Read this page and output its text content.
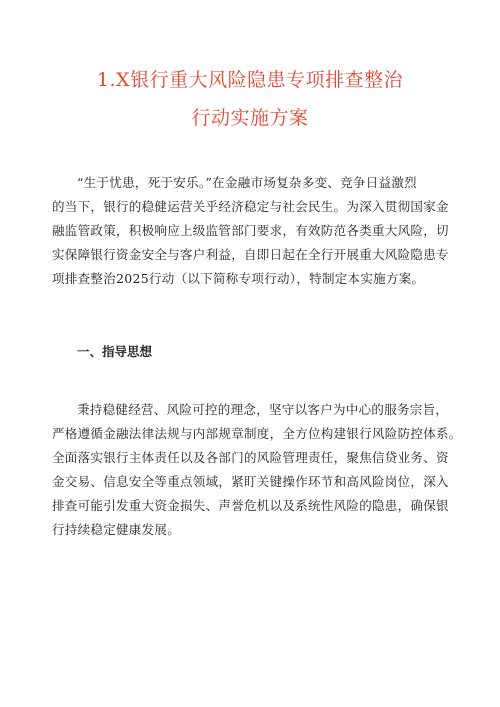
1.X银行重大风险隐患专项排查整治
行动实施方案
“生于忧患，死于安乐。”在金融市场复杂多变、竞争日益激烈
的当下，银行的稳健运营关乎经济稳定与社会民生。为深入贯彻国家金
融监管政策，积极响应上级监管部门要求，有效防范各类重大风险，切
实保障银行资金安全与客户利益，自即日起在全行开展重大风险隐患专
项排查整治2025行动（以下简称专项行动），特制定本实施方案。
一、指导思想
秉持稳健经营、风险可控的理念，坚守以客户为中心的服务宗旨，
严格遵循金融法律法规与内部规章制度，全方位构建银行风险防控体系。
全面落实银行主体责任以及各部门的风险管理责任，聚焦信贷业务、资
金交易、信息安全等重点领域，紧盯关键操作环节和高风险岗位，深入
排查可能引发重大资金损失、声誉危机以及系统性风险的隐患，确保银
行持续稳定健康发展。
